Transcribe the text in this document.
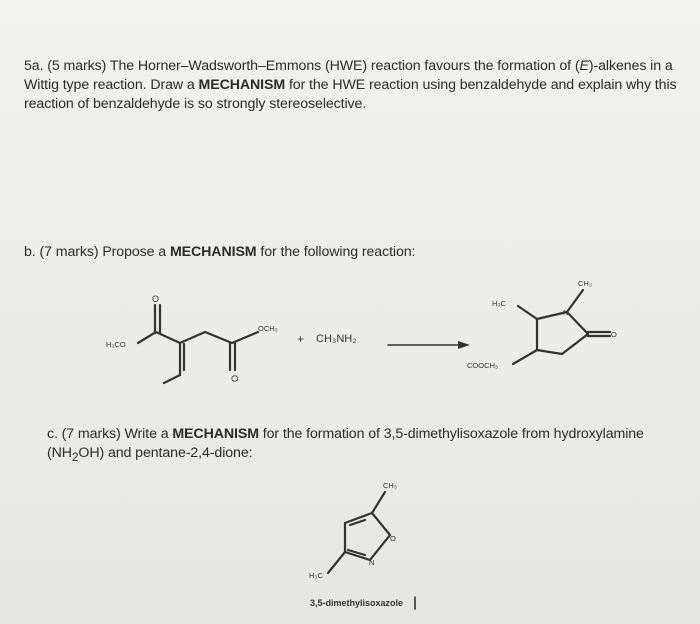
5a. (5 marks) The Horner–Wadsworth–Emmons (HWE) reaction favours the formation of (E)-alkenes in a Wittig type reaction. Draw a MECHANISM for the HWE reaction using benzaldehyde and explain why this reaction of benzaldehyde is so strongly stereoselective.
b. (7 marks) Propose a MECHANISM for the following reaction:
c. (7 marks) Write a MECHANISM for the formation of 3,5-dimethylisoxazole from hydroxylamine $(NH_2OH)$ and pentane-2,4-dione:
O
H₃CO
OCH₃
O
+ CH₃NH₂
CH₃
H₃C
N
O
COOCH₃
CH₃
H₃C
O
N
3,5-dimethylisoxazole
